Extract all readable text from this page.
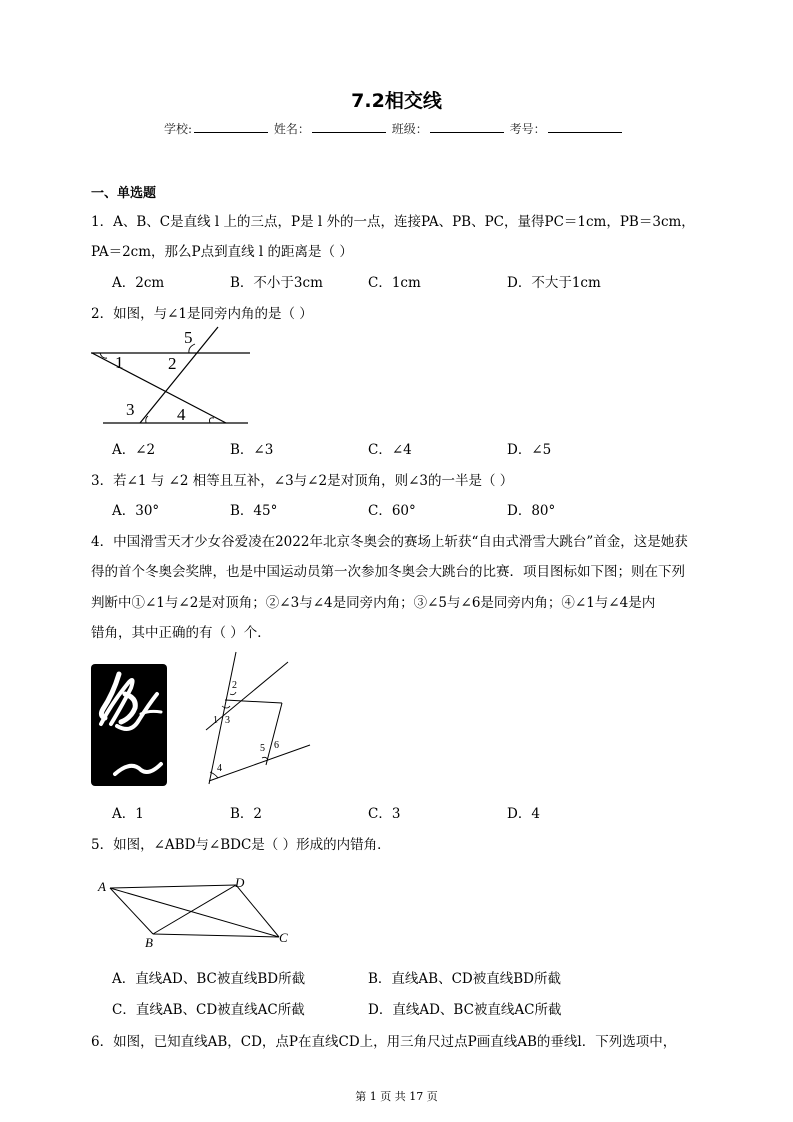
7.2相交线
学校:	姓名：	班级：	考号：
一、单选题
1．A、B、C是直线 l 上的三点，P是 l 外的一点，连接PA、PB、PC，量得PC＝1cm，PB＝3cm，
PA＝2cm，那么P点到直线 l 的距离是（ ）
A．2cm	B．不小于3cm	C．1cm	D．不大于1cm
2．如图，与∠1是同旁内角的是（ ）
5
1	2
3	4
A．∠2	B．∠3	C．∠4	D．∠5
3．若∠1 与 ∠2 相等且互补，∠3与∠2是对顶角，则∠3的一半是（ ）
A．30°	B．45°	C．60°	D．80°
4．中国滑雪天才少女谷爱凌在2022年北京冬奥会的赛场上斩获“自由式滑雪大跳台”首金，这是她获
得的首个冬奥会奖牌，也是中国运动员第一次参加冬奥会大跳台的比赛．项目图标如下图；则在下列
判断中①∠1与∠2是对顶角；②∠3与∠4是同旁内角；③∠5与∠6是同旁内角；④∠1与∠4是内
错角，其中正确的有（ ）个．
2
1 3
5 6
4
A．1	B．2	C．3	D．4
5．如图，∠ABD与∠BDC是（ ）形成的内错角．
A	D
B	C
A．直线AD、BC被直线BD所截	B．直线AB、CD被直线BD所截
C．直线AB、CD被直线AC所截	D．直线AD、BC被直线AC所截
6．如图，已知直线AB，CD，点P在直线CD上，用三角尺过点P画直线AB的垂线l．下列选项中，
第 1 页 共 17 页
